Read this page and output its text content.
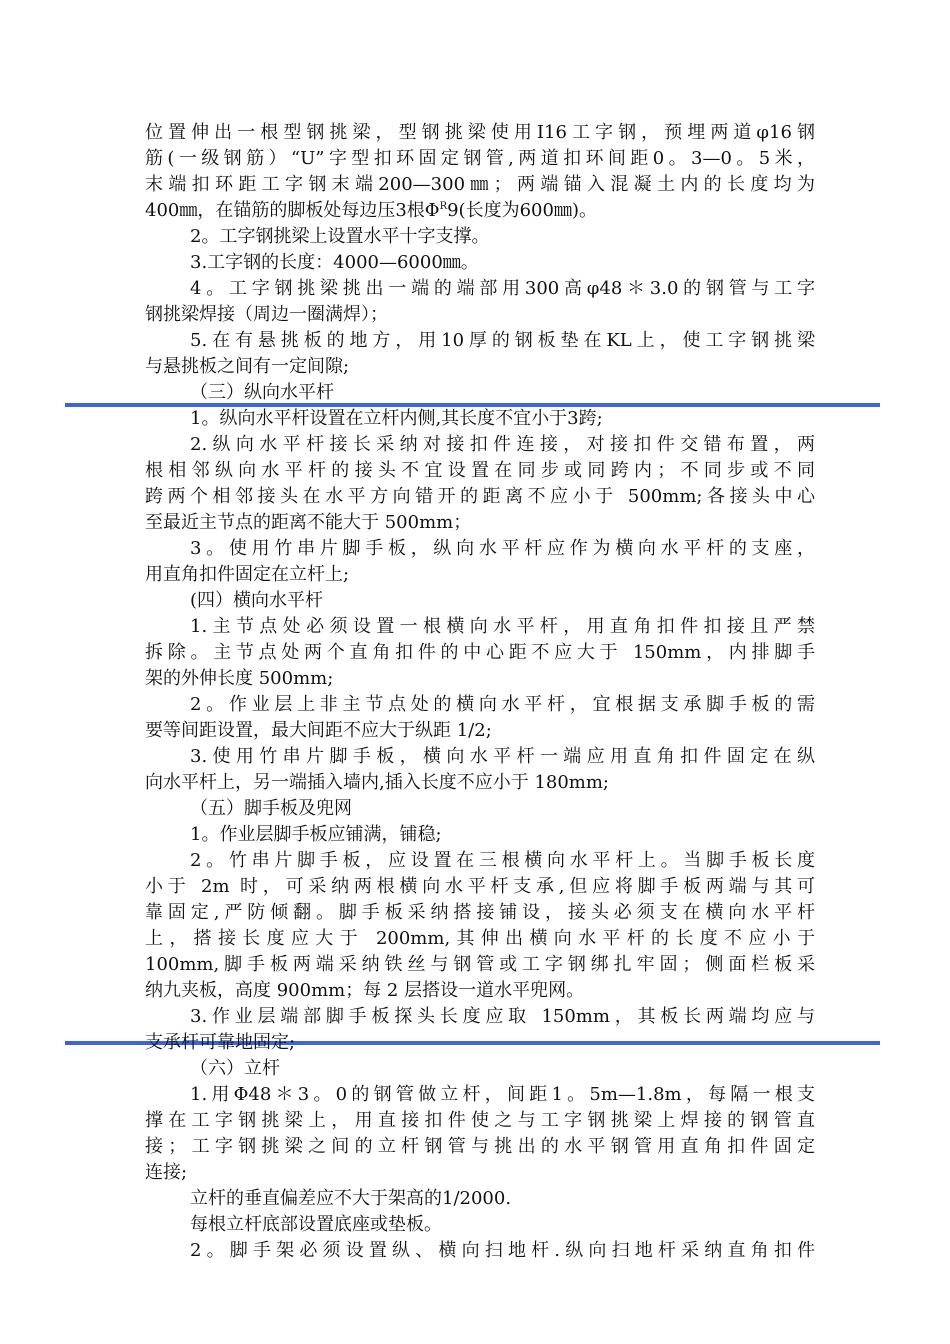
位置伸出一根型钢挑梁，型钢挑梁使用I16工字钢，预埋两道φ16钢
筋(一级钢筋）“U”字型扣环固定钢管,两道扣环间距0。3—0。5米，
末端扣环距工字钢末端200—300㎜；两端锚入混凝土内的长度均为
400㎜，在锚筋的脚板处每边压3根$\Phi^R9$(长度为600㎜)。
2。工字钢挑梁上设置水平十字支撑。
3.工字钢的长度：4000—6000㎜。
4。工字钢挑梁挑出一端的端部用300高φ48＊3.0的钢管与工字
钢挑梁焊接（周边一圈满焊）；
5.在有悬挑板的地方，用10厚的钢板垫在KL上，使工字钢挑梁
与悬挑板之间有一定间隙;
（三）纵向水平杆
1。纵向水平杆设置在立杆内侧,其长度不宜小于3跨;
2.纵向水平杆接长采纳对接扣件连接，对接扣件交错布置，两
根相邻纵向水平杆的接头不宜设置在同步或同跨内；不同步或不同
跨两个相邻接头在水平方向错开的距离不应小于 500mm;各接头中心
至最近主节点的距离不能大于 500mm；
3。使用竹串片脚手板，纵向水平杆应作为横向水平杆的支座，
用直角扣件固定在立杆上;
(四）横向水平杆
1.主节点处必须设置一根横向水平杆，用直角扣件扣接且严禁
拆除。主节点处两个直角扣件的中心距不应大于 150mm，内排脚手
架的外伸长度 500mm;
2。作业层上非主节点处的横向水平杆，宜根据支承脚手板的需
要等间距设置，最大间距不应大于纵距 1/2;
3.使用竹串片脚手板，横向水平杆一端应用直角扣件固定在纵
向水平杆上，另一端插入墙内,插入长度不应小于 180mm;
（五）脚手板及兜网
1。作业层脚手板应铺满，铺稳;
2。竹串片脚手板，应设置在三根横向水平杆上。当脚手板长度
小于 2m 时，可采纳两根横向水平杆支承,但应将脚手板两端与其可
靠固定,严防倾翻。脚手板采纳搭接铺设，接头必须支在横向水平杆
上，搭接长度应大于 200mm,其伸出横向水平杆的长度不应小于
100mm,脚手板两端采纳铁丝与钢管或工字钢绑扎牢固；侧面栏板采
纳九夹板，高度 900mm；每 2 层搭设一道水平兜网。
3.作业层端部脚手板探头长度应取 150mm，其板长两端均应与
支承杆可靠地固定;
（六）立杆
1.用Φ48＊3。0的钢管做立杆，间距1。5m—1.8m，每隔一根支
撑在工字钢挑梁上，用直接扣件使之与工字钢挑梁上焊接的钢管直
接；工字钢挑梁之间的立杆钢管与挑出的水平钢管用直角扣件固定
连接;
立杆的垂直偏差应不大于架高的1/2000.
每根立杆底部设置底座或垫板。
2。脚手架必须设置纵、横向扫地杆.纵向扫地杆采纳直角扣件
